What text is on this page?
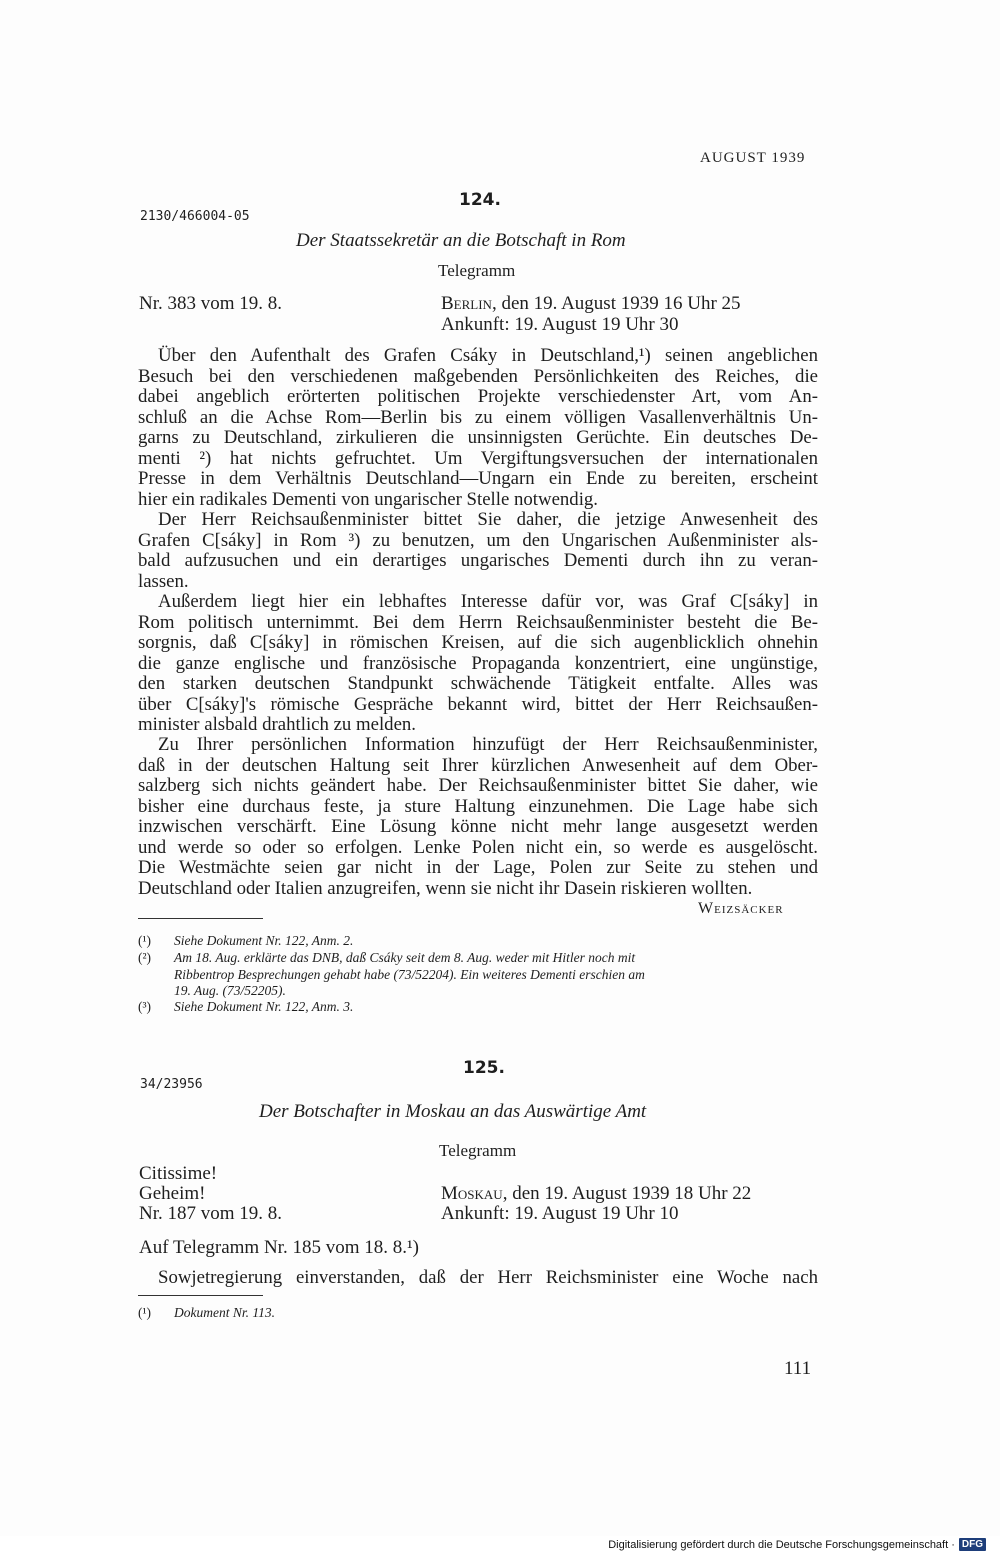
AUGUST 1939
124.
2130/466004-05
Der Staatssekretär an die Botschaft in Rom
Telegramm
Nr. 383 vom 19. 8.	Berlin, den 19. August 1939 16 Uhr 25
Ankunft: 19. August 19 Uhr 30
Über den Aufenthalt des Grafen Csáky in Deutschland,¹) seinen angeblichen
Besuch bei den verschiedenen maßgebenden Persönlichkeiten des Reiches, die
dabei angeblich erörterten politischen Projekte verschiedenster Art, vom An-
schluß an die Achse Rom—Berlin bis zu einem völligen Vasallenverhältnis Un-
garns zu Deutschland, zirkulieren die unsinnigsten Gerüchte. Ein deutsches De-
menti ²) hat nichts gefruchtet. Um Vergiftungsversuchen der internationalen
Presse in dem Verhältnis Deutschland—Ungarn ein Ende zu bereiten, erscheint
hier ein radikales Dementi von ungarischer Stelle notwendig.
Der Herr Reichsaußenminister bittet Sie daher, die jetzige Anwesenheit des
Grafen C[sáky] in Rom ³) zu benutzen, um den Ungarischen Außenminister als-
bald aufzusuchen und ein derartiges ungarisches Dementi durch ihn zu veran-
lassen.
Außerdem liegt hier ein lebhaftes Interesse dafür vor, was Graf C[sáky] in
Rom politisch unternimmt. Bei dem Herrn Reichsaußenminister besteht die Be-
sorgnis, daß C[sáky] in römischen Kreisen, auf die sich augenblicklich ohnehin
die ganze englische und französische Propaganda konzentriert, eine ungünstige,
den starken deutschen Standpunkt schwächende Tätigkeit entfalte. Alles was
über C[sáky]'s römische Gespräche bekannt wird, bittet der Herr Reichsaußen-
minister alsbald drahtlich zu melden.
Zu Ihrer persönlichen Information hinzufügt der Herr Reichsaußenminister,
daß in der deutschen Haltung seit Ihrer kürzlichen Anwesenheit auf dem Ober-
salzberg sich nichts geändert habe. Der Reichsaußenminister bittet Sie daher, wie
bisher eine durchaus feste, ja sture Haltung einzunehmen. Die Lage habe sich
inzwischen verschärft. Eine Lösung könne nicht mehr lange ausgesetzt werden
und werde so oder so erfolgen. Lenke Polen nicht ein, so werde es ausgelöscht.
Die Westmächte seien gar nicht in der Lage, Polen zur Seite zu stehen und
Deutschland oder Italien anzugreifen, wenn sie nicht ihr Dasein riskieren wollten.
Weizsäcker
(¹) Siehe Dokument Nr. 122, Anm. 2.
(²) Am 18. Aug. erklärte das DNB, daß Csáky seit dem 8. Aug. weder mit Hitler noch mit
Ribbentrop Besprechungen gehabt habe (73/52204). Ein weiteres Dementi erschien am
19. Aug. (73/52205).
(³) Siehe Dokument Nr. 122, Anm. 3.
125.
34/23956
Der Botschafter in Moskau an das Auswärtige Amt
Telegramm
Citissime!
Geheim!	Moskau, den 19. August 1939 18 Uhr 22
Nr. 187 vom 19. 8.	Ankunft: 19. August 19 Uhr 10
Auf Telegramm Nr. 185 vom 18. 8.¹)
Sowjetregierung einverstanden, daß der Herr Reichsminister eine Woche nach
(¹) Dokument Nr. 113.
111
Digitalisierung gefördert durch die Deutsche Forschungsgemeinschaft · DFG
